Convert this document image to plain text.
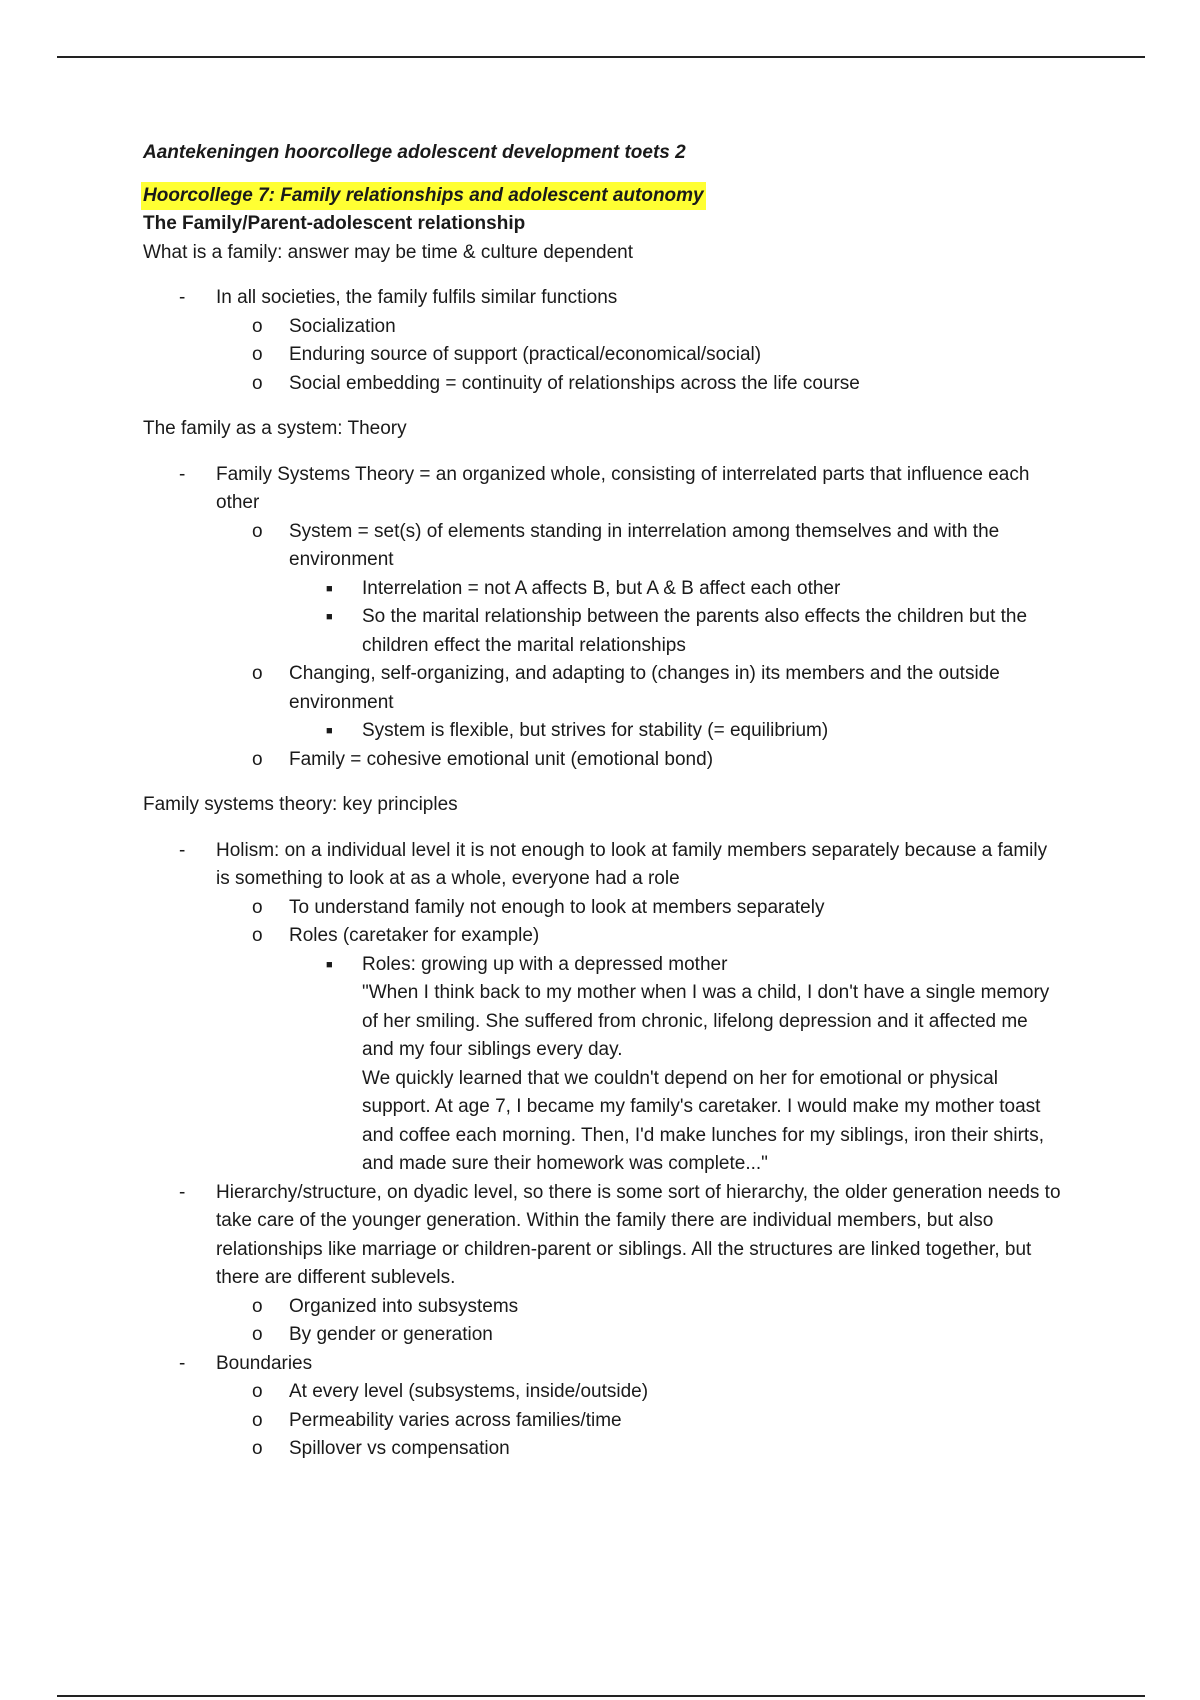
Aantekeningen hoorcollege adolescent development toets 2
Hoorcollege 7: Family relationships and adolescent autonomy
The Family/Parent-adolescent relationship
What is a family: answer may be time & culture dependent
-	In all societies, the family fulfils similar functions
o	Socialization
o	Enduring source of support (practical/economical/social)
o	Social embedding = continuity of relationships across the life course
The family as a system: Theory
-	Family Systems Theory = an organized whole, consisting of interrelated parts that influence each other
o	System = set(s) of elements standing in interrelation among themselves and with the environment
■	Interrelation = not A affects B, but A & B affect each other
■	So the marital relationship between the parents also effects the children but the children effect the marital relationships
o	Changing, self-organizing, and adapting to (changes in) its members and the outside environment
■	System is flexible, but strives for stability (= equilibrium)
o	Family = cohesive emotional unit (emotional bond)
Family systems theory: key principles
-	Holism: on a individual level it is not enough to look at family members separately because a family is something to look at as a whole, everyone had a role
o	To understand family not enough to look at members separately
o	Roles (caretaker for example)
■	Roles: growing up with a depressed mother
"When I think back to my mother when I was a child, I don't have a single memory of her smiling. She suffered from chronic, lifelong depression and it affected me and my four siblings every day.
We quickly learned that we couldn't depend on her for emotional or physical support. At age 7, I became my family's caretaker. I would make my mother toast and coffee each morning. Then, I'd make lunches for my siblings, iron their shirts, and made sure their homework was complete..."
-	Hierarchy/structure, on dyadic level, so there is some sort of hierarchy, the older generation needs to take care of the younger generation. Within the family there are individual members, but also relationships like marriage or children-parent or siblings. All the structures are linked together, but there are different sublevels.
o	Organized into subsystems
o	By gender or generation
-	Boundaries
o	At every level (subsystems, inside/outside)
o	Permeability varies across families/time
o	Spillover vs compensation
